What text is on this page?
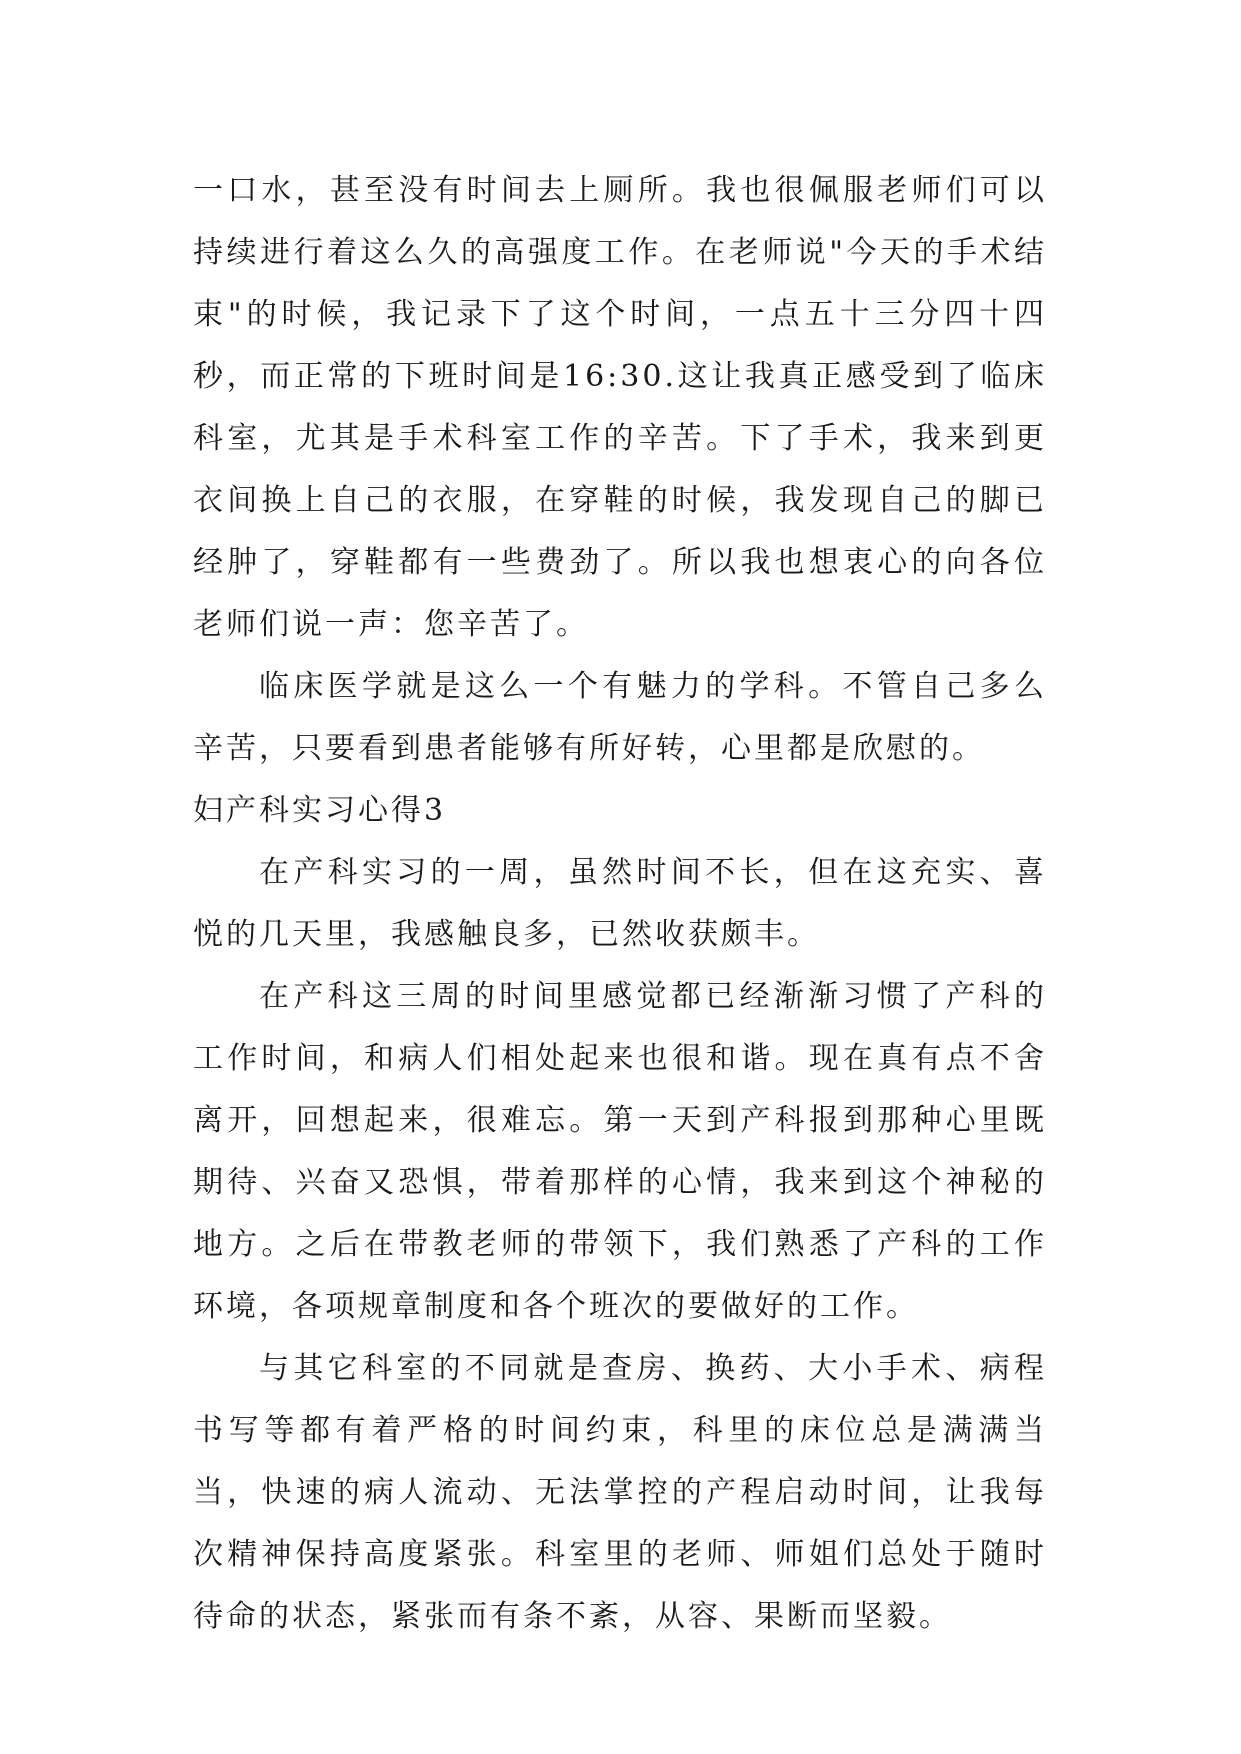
一口水，甚至没有时间去上厕所。我也很佩服老师们可以持续进行着这么久的高强度工作。在老师说"今天的手术结束"的时候，我记录下了这个时间，一点五十三分四十四秒，而正常的下班时间是16:30.这让我真正感受到了临床科室，尤其是手术科室工作的辛苦。下了手术，我来到更衣间换上自己的衣服，在穿鞋的时候，我发现自己的脚已经肿了，穿鞋都有一些费劲了。所以我也想衷心的向各位老师们说一声：您辛苦了。

临床医学就是这么一个有魅力的学科。不管自己多么辛苦，只要看到患者能够有所好转，心里都是欣慰的。

妇产科实习心得3

在产科实习的一周，虽然时间不长，但在这充实、喜悦的几天里，我感触良多，已然收获颇丰。

在产科这三周的时间里感觉都已经渐渐习惯了产科的工作时间，和病人们相处起来也很和谐。现在真有点不舍离开，回想起来，很难忘。第一天到产科报到那种心里既期待、兴奋又恐惧，带着那样的心情，我来到这个神秘的地方。之后在带教老师的带领下，我们熟悉了产科的工作环境，各项规章制度和各个班次的要做好的工作。

与其它科室的不同就是查房、换药、大小手术、病程书写等都有着严格的时间约束，科里的床位总是满满当当，快速的病人流动、无法掌控的产程启动时间，让我每次精神保持高度紧张。科室里的老师、师姐们总处于随时待命的状态，紧张而有条不紊，从容、果断而坚毅。
